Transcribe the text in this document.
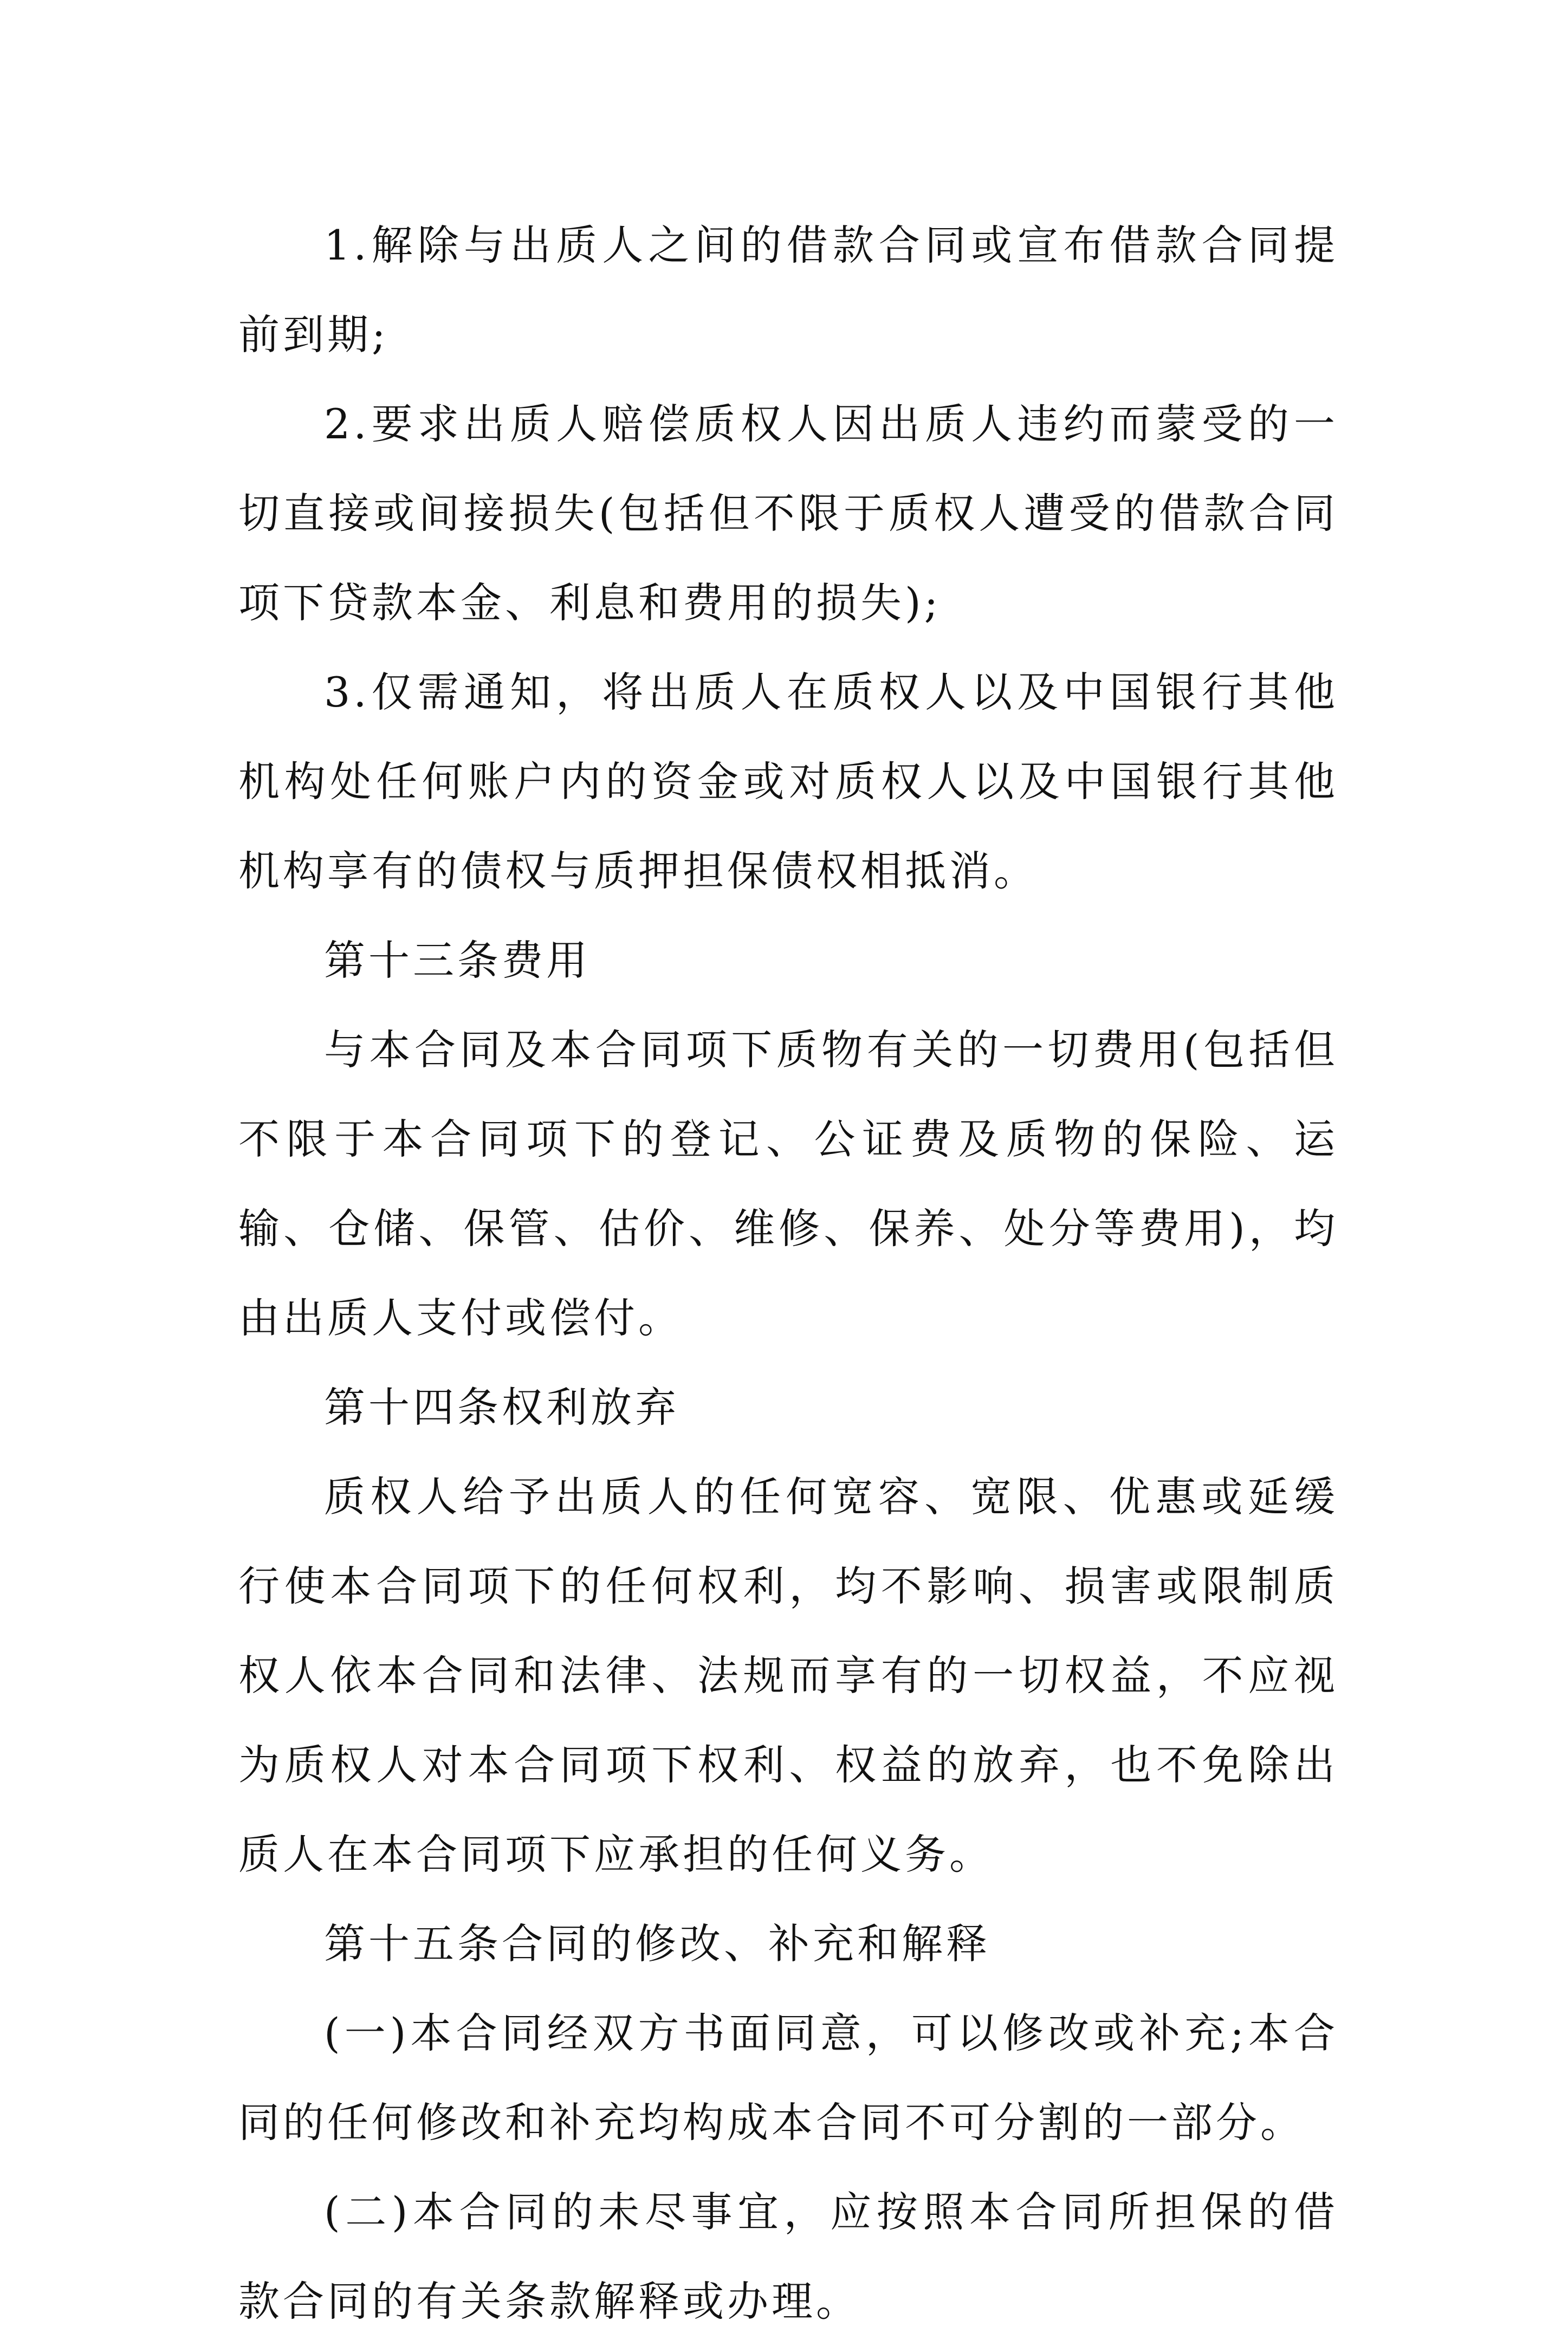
1.解除与出质人之间的借款合同或宣布借款合同提前到期;

2.要求出质人赔偿质权人因出质人违约而蒙受的一切直接或间接损失(包括但不限于质权人遭受的借款合同项下贷款本金、利息和费用的损失);

3.仅需通知，将出质人在质权人以及中国银行其他机构处任何账户内的资金或对质权人以及中国银行其他机构享有的债权与质押担保债权相抵消。

第十三条费用

与本合同及本合同项下质物有关的一切费用(包括但不限于本合同项下的登记、公证费及质物的保险、运输、仓储、保管、估价、维修、保养、处分等费用)，均由出质人支付或偿付。

第十四条权利放弃

质权人给予出质人的任何宽容、宽限、优惠或延缓行使本合同项下的任何权利，均不影响、损害或限制质权人依本合同和法律、法规而享有的一切权益，不应视为质权人对本合同项下权利、权益的放弃，也不免除出质人在本合同项下应承担的任何义务。

第十五条合同的修改、补充和解释

(一)本合同经双方书面同意，可以修改或补充;本合同的任何修改和补充均构成本合同不可分割的一部分。

(二)本合同的未尽事宜，应按照本合同所担保的借款合同的有关条款解释或办理。
